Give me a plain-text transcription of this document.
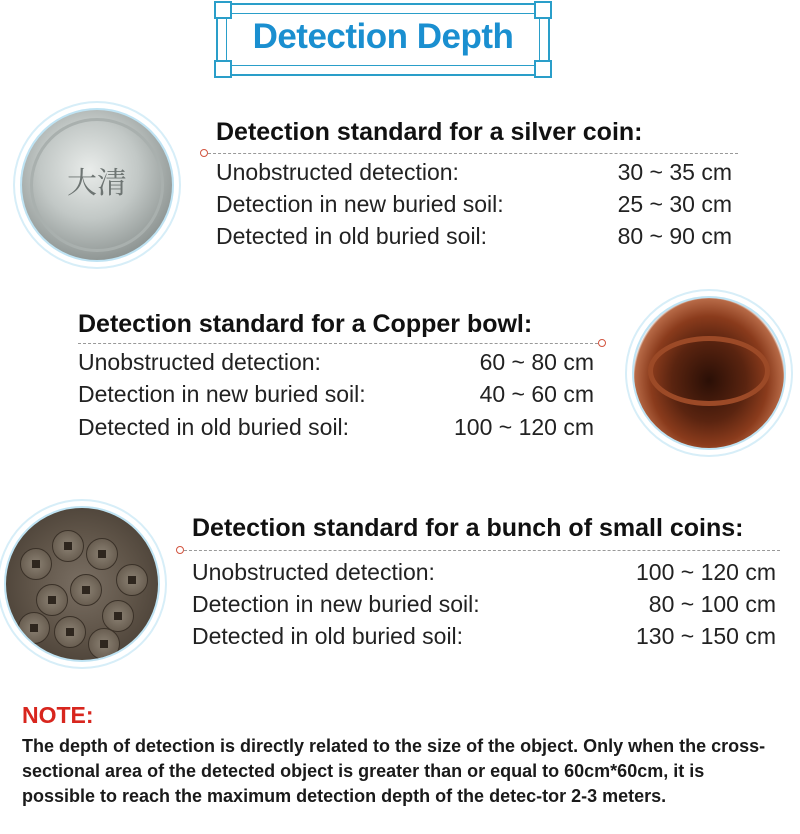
Detection Depth
大清
Detection standard for a silver coin:
Unobstructed detection:	30 ~ 35 cm
Detection in new buried soil:	25 ~ 30 cm
Detected in old buried soil:	80 ~ 90 cm
Detection standard for a Copper bowl:
Unobstructed detection:	60 ~ 80 cm
Detection in new buried soil:	40 ~ 60 cm
Detected in old buried soil:	100 ~ 120 cm
Detection standard for a bunch of small coins:
Unobstructed detection:	100 ~ 120 cm
Detection in new buried soil:	80 ~ 100 cm
Detected in old buried soil:	130 ~ 150 cm
NOTE:

The depth of detection is directly related to the size of the object. Only when the cross-sectional area of the detected object is greater than or equal to 60cm*60cm, it is possible to reach the maximum detection depth of the detec-tor 2-3 meters.
